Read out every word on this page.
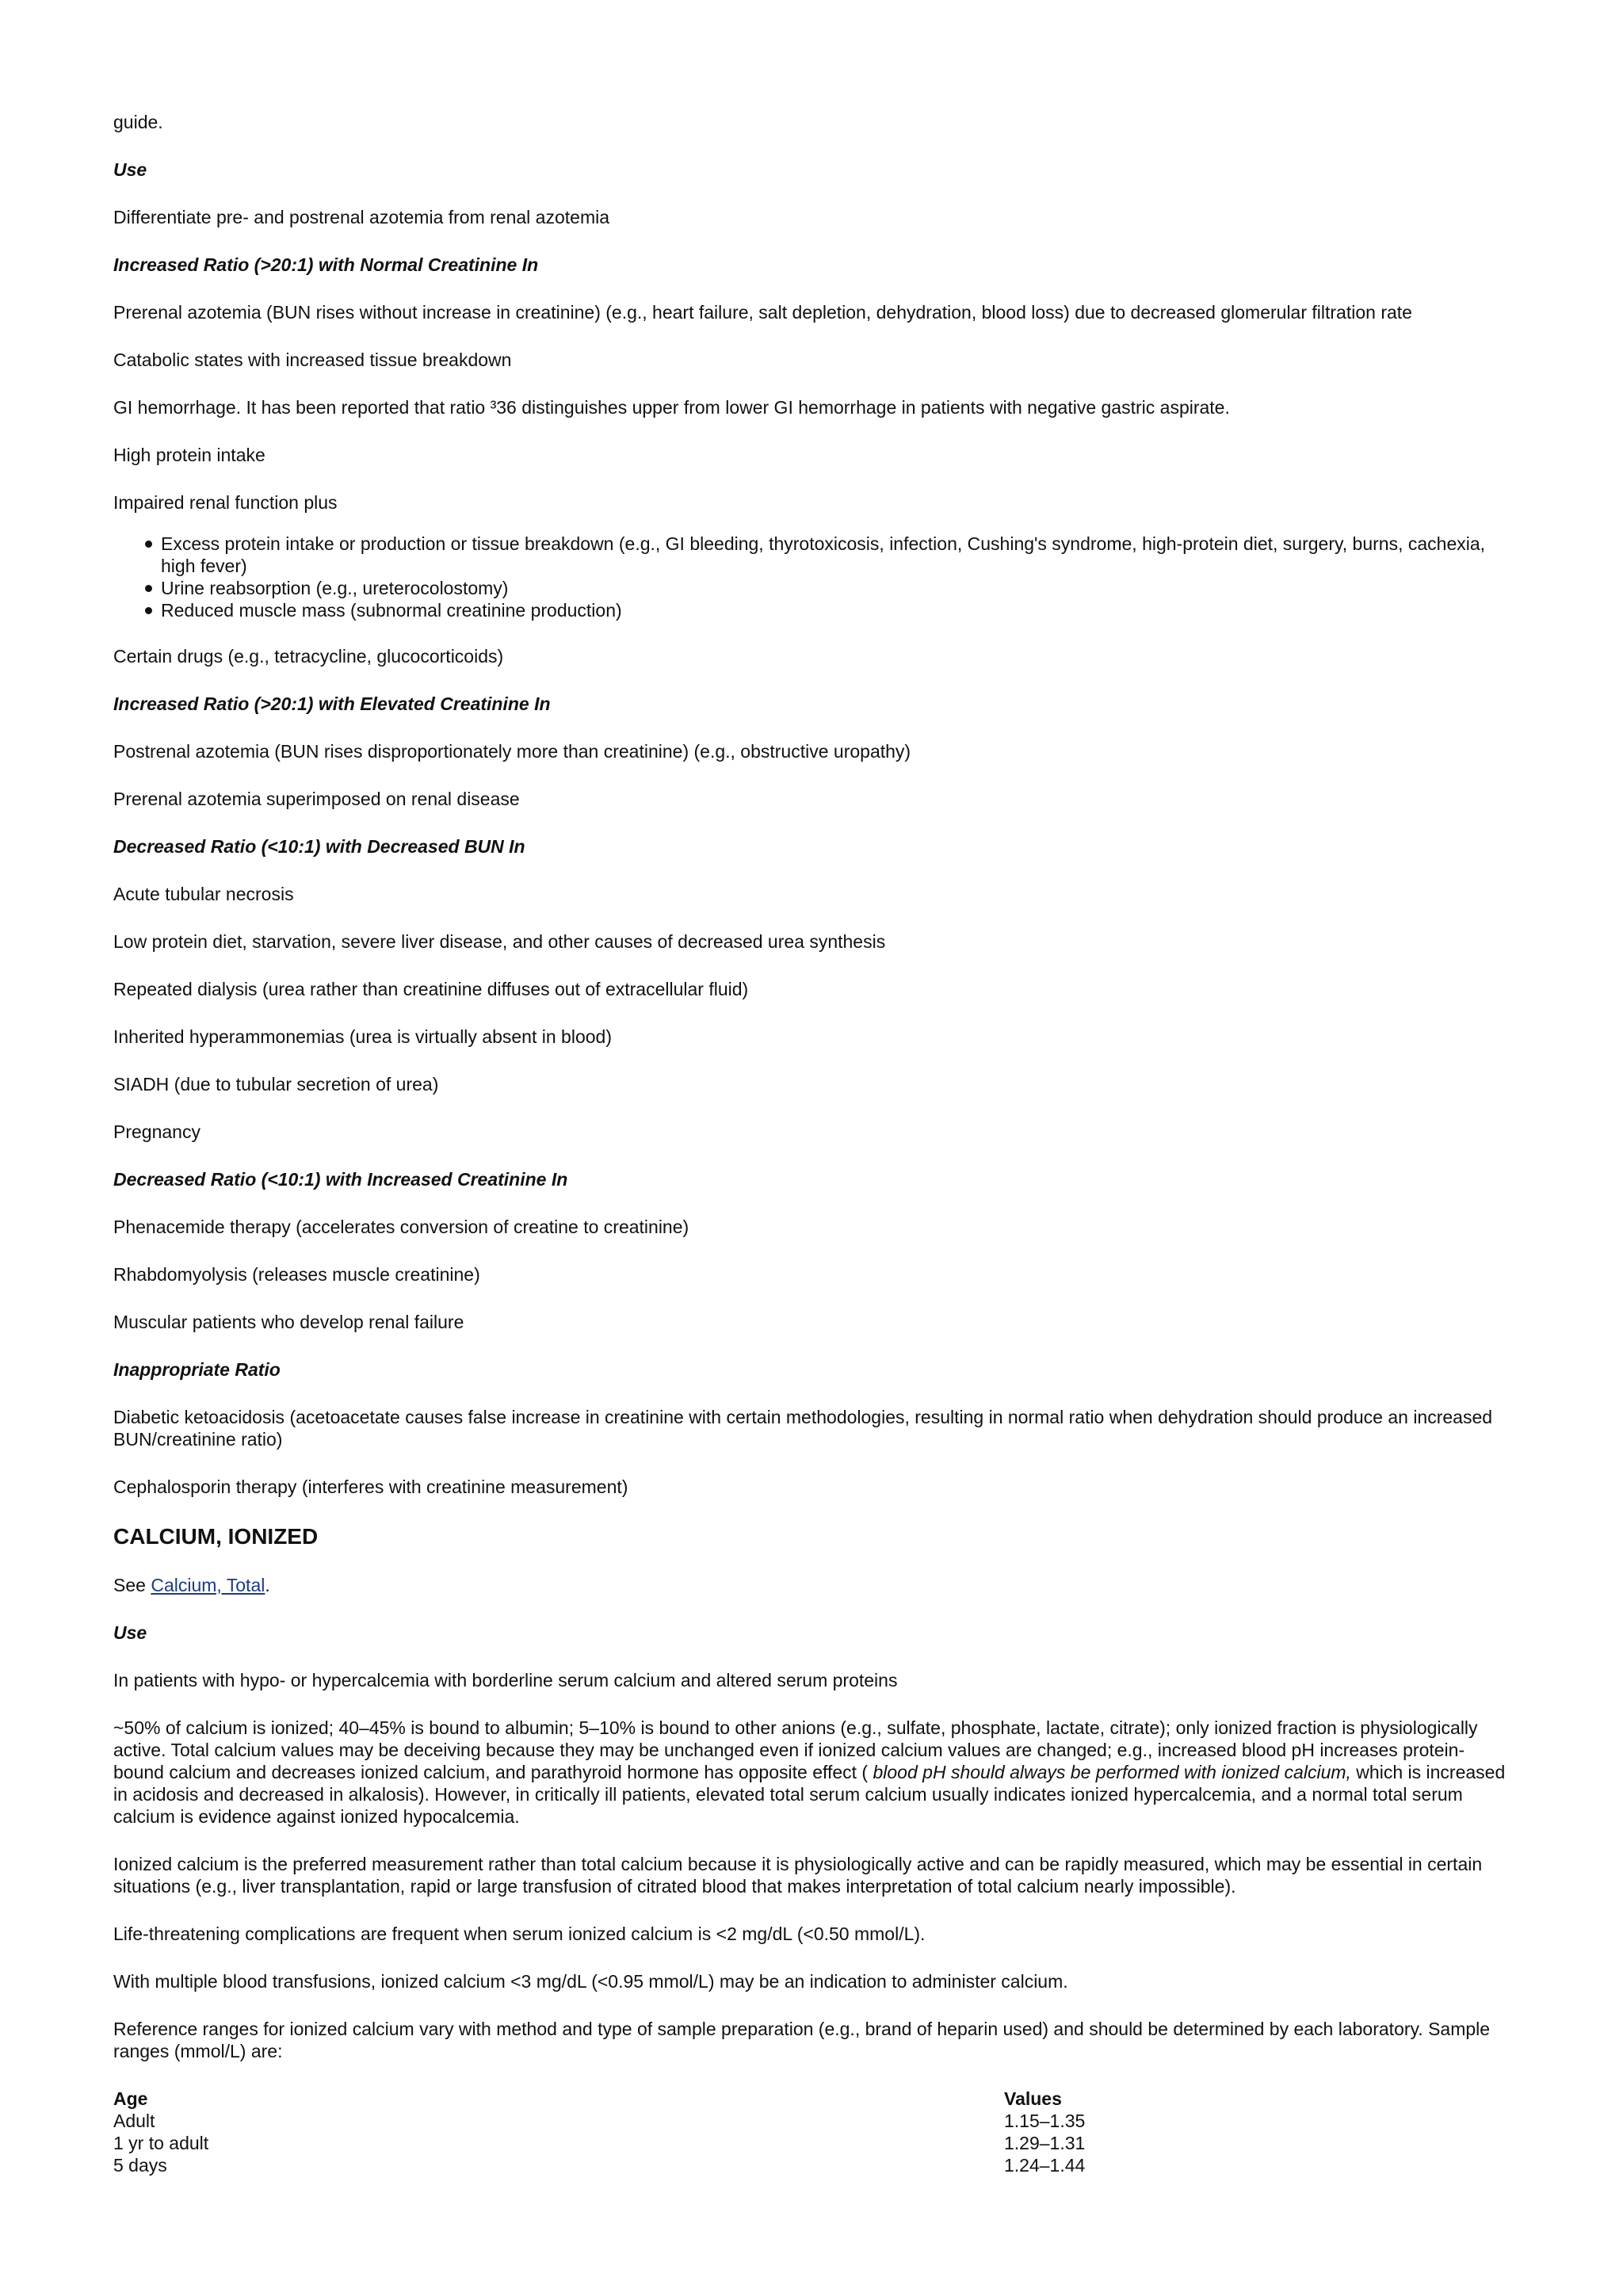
guide.

Use

Differentiate pre- and postrenal azotemia from renal azotemia

Increased Ratio (>20:1) with Normal Creatinine In

Prerenal azotemia (BUN rises without increase in creatinine) (e.g., heart failure, salt depletion, dehydration, blood loss) due to decreased glomerular filtration rate

Catabolic states with increased tissue breakdown

GI hemorrhage. It has been reported that ratio ³36 distinguishes upper from lower GI hemorrhage in patients with negative gastric aspirate.

High protein intake

Impaired renal function plus

Excess protein intake or production or tissue breakdown (e.g., GI bleeding, thyrotoxicosis, infection, Cushing's syndrome, high-protein diet, surgery, burns, cachexia, high fever)
Urine reabsorption (e.g., ureterocolostomy)
Reduced muscle mass (subnormal creatinine production)

Certain drugs (e.g., tetracycline, glucocorticoids)

Increased Ratio (>20:1) with Elevated Creatinine In

Postrenal azotemia (BUN rises disproportionately more than creatinine) (e.g., obstructive uropathy)

Prerenal azotemia superimposed on renal disease

Decreased Ratio (<10:1) with Decreased BUN In

Acute tubular necrosis

Low protein diet, starvation, severe liver disease, and other causes of decreased urea synthesis

Repeated dialysis (urea rather than creatinine diffuses out of extracellular fluid)

Inherited hyperammonemias (urea is virtually absent in blood)

SIADH (due to tubular secretion of urea)

Pregnancy

Decreased Ratio (<10:1) with Increased Creatinine In

Phenacemide therapy (accelerates conversion of creatine to creatinine)

Rhabdomyolysis (releases muscle creatinine)

Muscular patients who develop renal failure

Inappropriate Ratio

Diabetic ketoacidosis (acetoacetate causes false increase in creatinine with certain methodologies, resulting in normal ratio when dehydration should produce an increased BUN/creatinine ratio)

Cephalosporin therapy (interferes with creatinine measurement)

CALCIUM, IONIZED

See Calcium, Total.

Use

In patients with hypo- or hypercalcemia with borderline serum calcium and altered serum proteins

~50% of calcium is ionized; 40–45% is bound to albumin; 5–10% is bound to other anions (e.g., sulfate, phosphate, lactate, citrate); only ionized fraction is physiologically active. Total calcium values may be deceiving because they may be unchanged even if ionized calcium values are changed; e.g., increased blood pH increases protein-bound calcium and decreases ionized calcium, and parathyroid hormone has opposite effect ( blood pH should always be performed with ionized calcium, which is increased in acidosis and decreased in alkalosis). However, in critically ill patients, elevated total serum calcium usually indicates ionized hypercalcemia, and a normal total serum calcium is evidence against ionized hypocalcemia.

Ionized calcium is the preferred measurement rather than total calcium because it is physiologically active and can be rapidly measured, which may be essential in certain situations (e.g., liver transplantation, rapid or large transfusion of citrated blood that makes interpretation of total calcium nearly impossible).

Life-threatening complications are frequent when serum ionized calcium is <2 mg/dL (<0.50 mmol/L).

With multiple blood transfusions, ionized calcium <3 mg/dL (<0.95 mmol/L) may be an indication to administer calcium.

Reference ranges for ionized calcium vary with method and type of sample preparation (e.g., brand of heparin used) and should be determined by each laboratory. Sample ranges (mmol/L) are:

Age
Adult
1 yr to adult
5 days
Values
1.15–1.35
1.29–1.31
1.24–1.44
